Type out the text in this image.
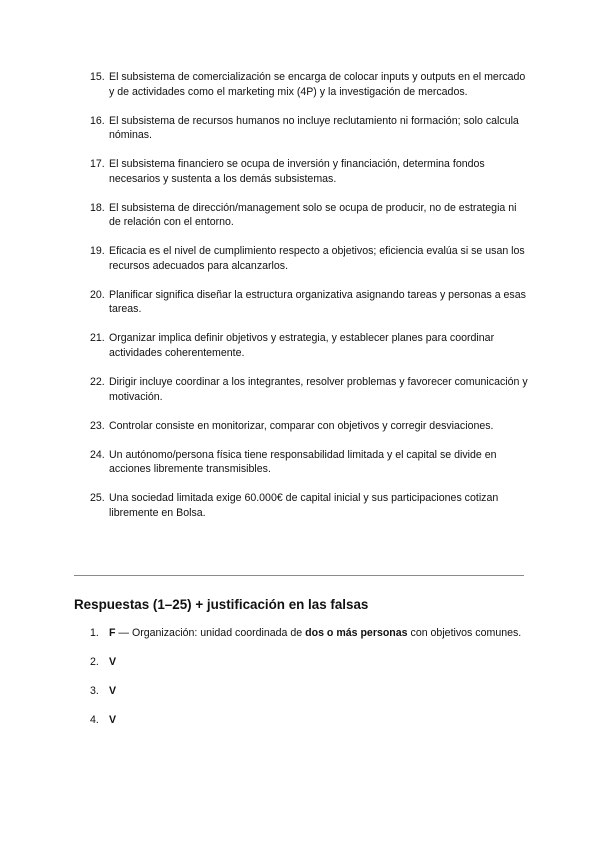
15. El subsistema de comercialización se encarga de colocar inputs y outputs en el mercado y de actividades como el marketing mix (4P) y la investigación de mercados.
16. El subsistema de recursos humanos no incluye reclutamiento ni formación; solo calcula nóminas.
17. El subsistema financiero se ocupa de inversión y financiación, determina fondos necesarios y sustenta a los demás subsistemas.
18. El subsistema de dirección/management solo se ocupa de producir, no de estrategia ni de relación con el entorno.
19. Eficacia es el nivel de cumplimiento respecto a objetivos; eficiencia evalúa si se usan los recursos adecuados para alcanzarlos.
20. Planificar significa diseñar la estructura organizativa asignando tareas y personas a esas tareas.
21. Organizar implica definir objetivos y estrategia, y establecer planes para coordinar actividades coherentemente.
22. Dirigir incluye coordinar a los integrantes, resolver problemas y favorecer comunicación y motivación.
23. Controlar consiste en monitorizar, comparar con objetivos y corregir desviaciones.
24. Un autónomo/persona física tiene responsabilidad limitada y el capital se divide en acciones libremente transmisibles.
25. Una sociedad limitada exige 60.000€ de capital inicial y sus participaciones cotizan libremente en Bolsa.
Respuestas (1–25) + justificación en las falsas
1. F — Organización: unidad coordinada de dos o más personas con objetivos comunes.
2. V
3. V
4. V
